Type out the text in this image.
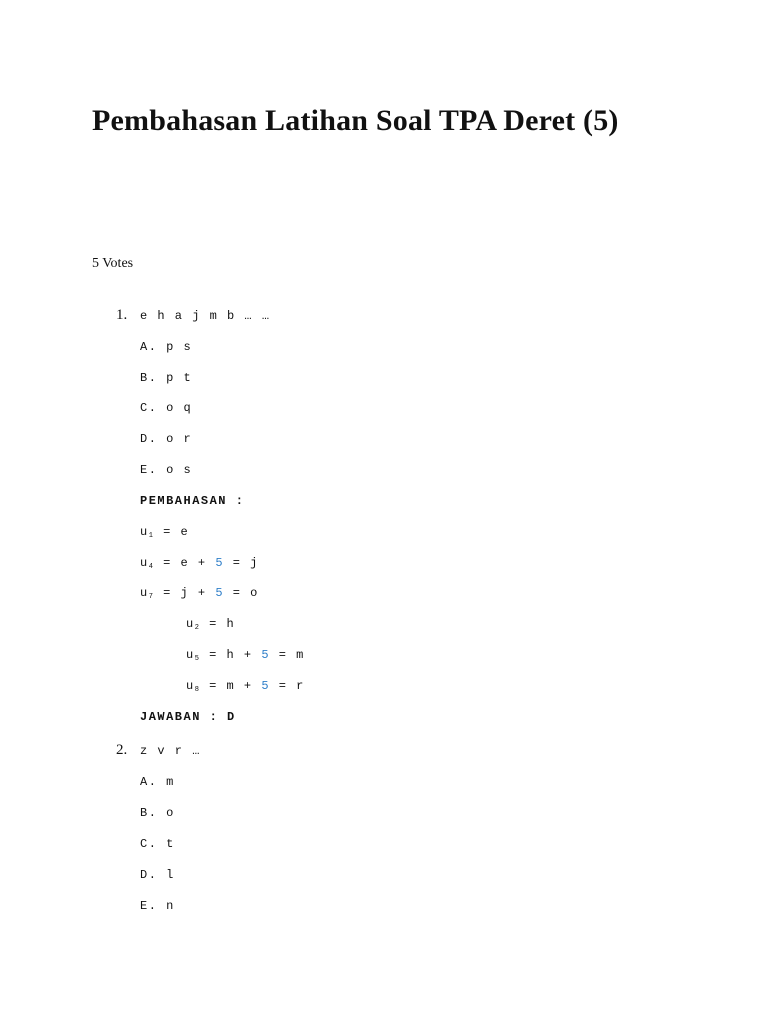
Pembahasan Latihan Soal TPA Deret (5)
5 Votes
1. e h a j m b … …
A. p s
B. p t
C. o q
D. o r
E. o s
PEMBAHASAN :
$u_1 = e$
$u_4 = e + 5 = j$
$u_7 = j + 5 = o$
$u_2 = h$
$u_5 = h + 5 = m$
$u_8 = m + 5 = r$
JAWABAN : D
2. z v r …
A. m
B. o
C. t
D. l
E. n
